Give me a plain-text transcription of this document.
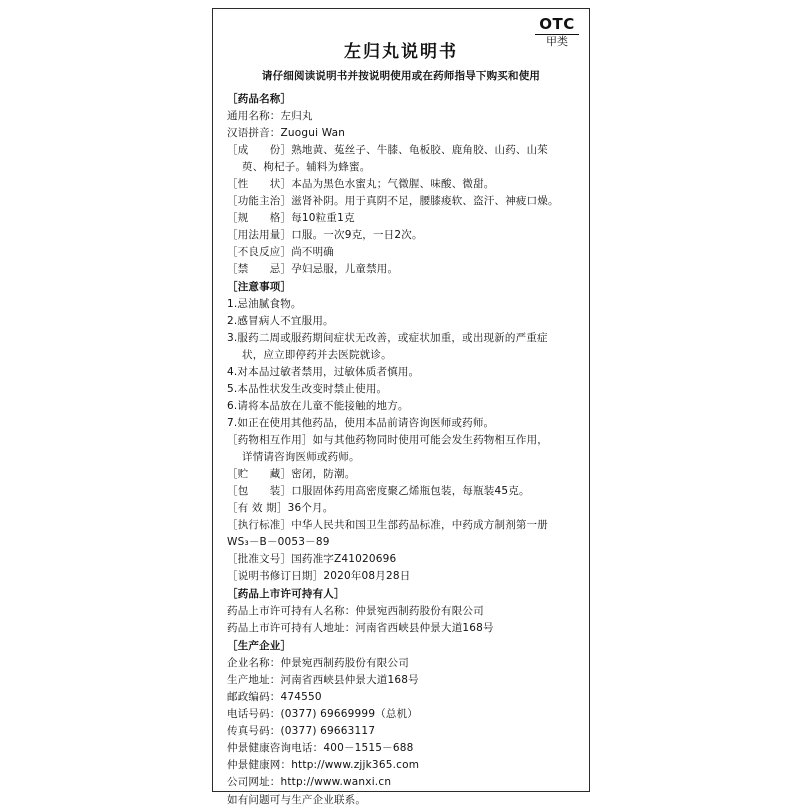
OTC
甲类
左归丸说明书
请仔细阅读说明书并按说明使用或在药师指导下购买和使用
［药品名称］
通用名称： 左归丸
汉语拼音： Zuogui Wan
［成　　份］ 熟地黄、菟丝子、牛膝、龟板胶、鹿角胶、山药、山茱
萸、枸杞子。辅料为蜂蜜。
［性　　状］ 本品为黑色水蜜丸；气微腥、味酸、微甜。
［功能主治］ 滋肾补阴。用于真阴不足，腰膝痠软、盗汗、神疲口燥。
［规　　格］ 每10粒重1克
［用法用量］ 口服。一次9克，一日2次。
［不良反应］ 尚不明确
［禁　　忌］ 孕妇忌服，儿童禁用。
［注意事项］
1. 忌油腻食物。
2. 感冒病人不宜服用。
3. 服药二周或服药期间症状无改善，或症状加重，或出现新的严重症
状，应立即停药并去医院就诊。
4. 对本品过敏者禁用，过敏体质者慎用。
5. 本品性状发生改变时禁止使用。
6. 请将本品放在儿童不能接触的地方。
7. 如正在使用其他药品，使用本品前请咨询医师或药师。
［药物相互作用］ 如与其他药物同时使用可能会发生药物相互作用，
详情请咨询医师或药师。
［贮　　藏］ 密闭，防潮。
［包　　装］ 口服固体药用高密度聚乙烯瓶包装，每瓶装45克。
［有 效 期］ 36个月。
［执行标准］ 中华人民共和国卫生部药品标准，中药成方制剂第一册
WS₃－B－0053－89
［批准文号］ 国药准字Z41020696
［说明书修订日期］ 2020年08月28日
［药品上市许可持有人］
药品上市许可持有人名称： 仲景宛西制药股份有限公司
药品上市许可持有人地址： 河南省西峡县仲景大道168号
［生产企业］
企业名称： 仲景宛西制药股份有限公司
生产地址： 河南省西峡县仲景大道168号
邮政编码： 474550
电话号码： (0377) 69669999（总机）
传真号码： (0377) 69663117
仲景健康咨询电话： 400－1515－688
仲景健康网： http://www.zjjk365.com
公司网址： http://www.wanxi.cn
如有问题可与生产企业联系。
